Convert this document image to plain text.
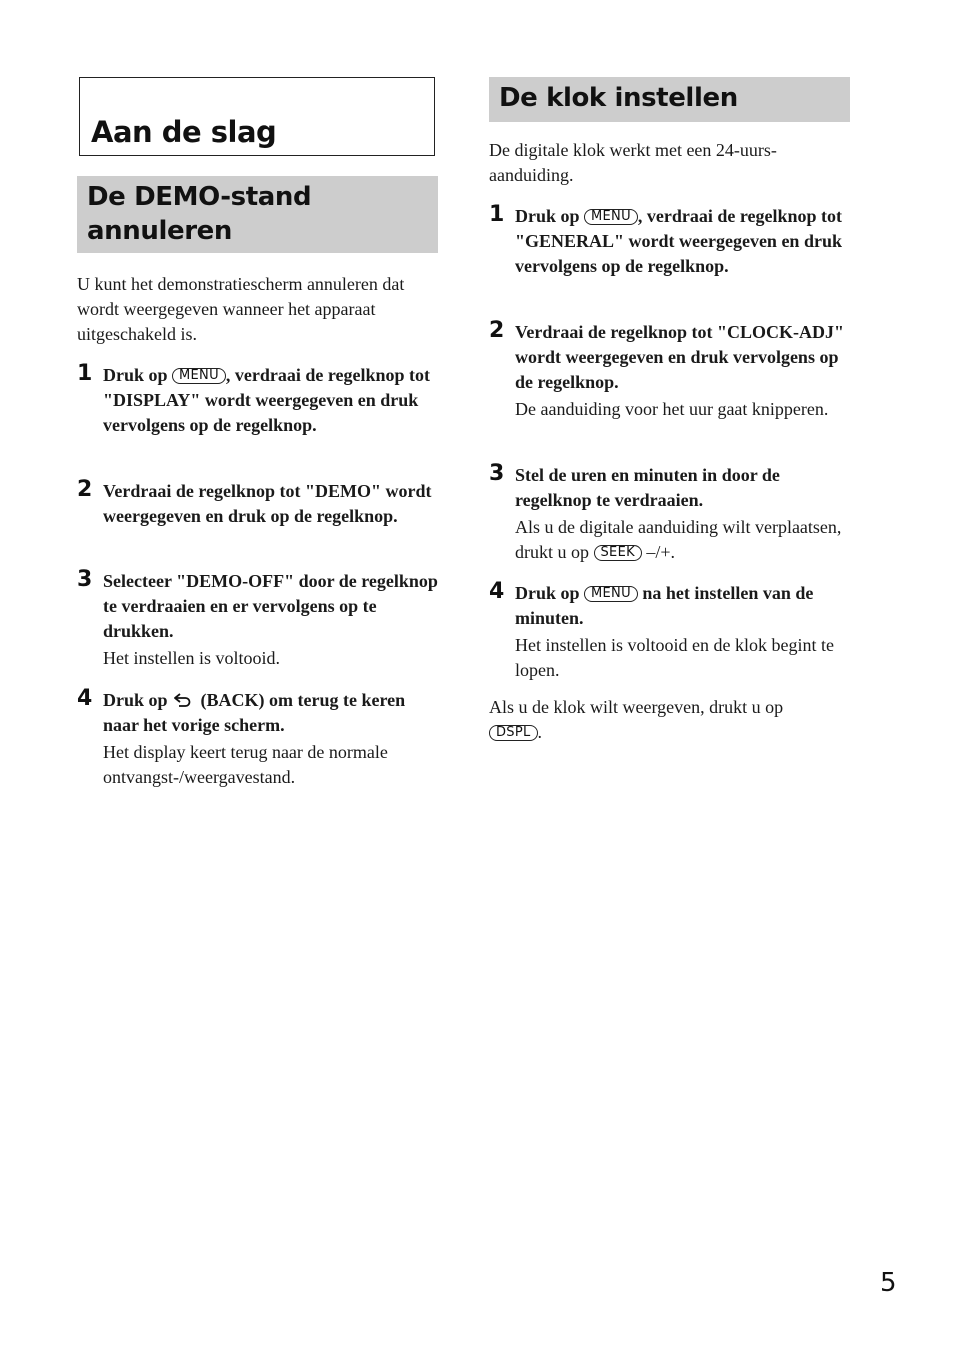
Aan de slag
De DEMO-stand
annuleren

U kunt het demonstratiescherm annuleren dat wordt weergegeven wanneer het apparaat uitgeschakeld is.

1 Druk op MENU , verdraai de regelknop tot "DISPLAY" wordt weergegeven en druk vervolgens op de regelknop.

2 Verdraai de regelknop tot "DEMO" wordt weergegeven en druk op de regelknop.

3 Selecteer "DEMO-OFF" door de regelknop te verdraaien en er vervolgens op te drukken.

Het instellen is voltooid.

4 Druk op (BACK) om terug te keren naar het vorige scherm.

Het display keert terug naar de normale ontvangst-/weergavestand.

De klok instellen

De digitale klok werkt met een 24-uurs-aanduiding.

1 Druk op MENU , verdraai de regelknop tot "GENERAL" wordt weergegeven en druk vervolgens op de regelknop.

2 Verdraai de regelknop tot "CLOCK-ADJ" wordt weergegeven en druk vervolgens op de regelknop.

De aanduiding voor het uur gaat knipperen.

3 Stel de uren en minuten in door de regelknop te verdraaien.

Als u de digitale aanduiding wilt verplaatsen, drukt u op SEEK –/+.

4 Druk op MENU na het instellen van de minuten.

Het instellen is voltooid en de klok begint te lopen.

Als u de klok wilt weergeven, drukt u op DSPL .

5
